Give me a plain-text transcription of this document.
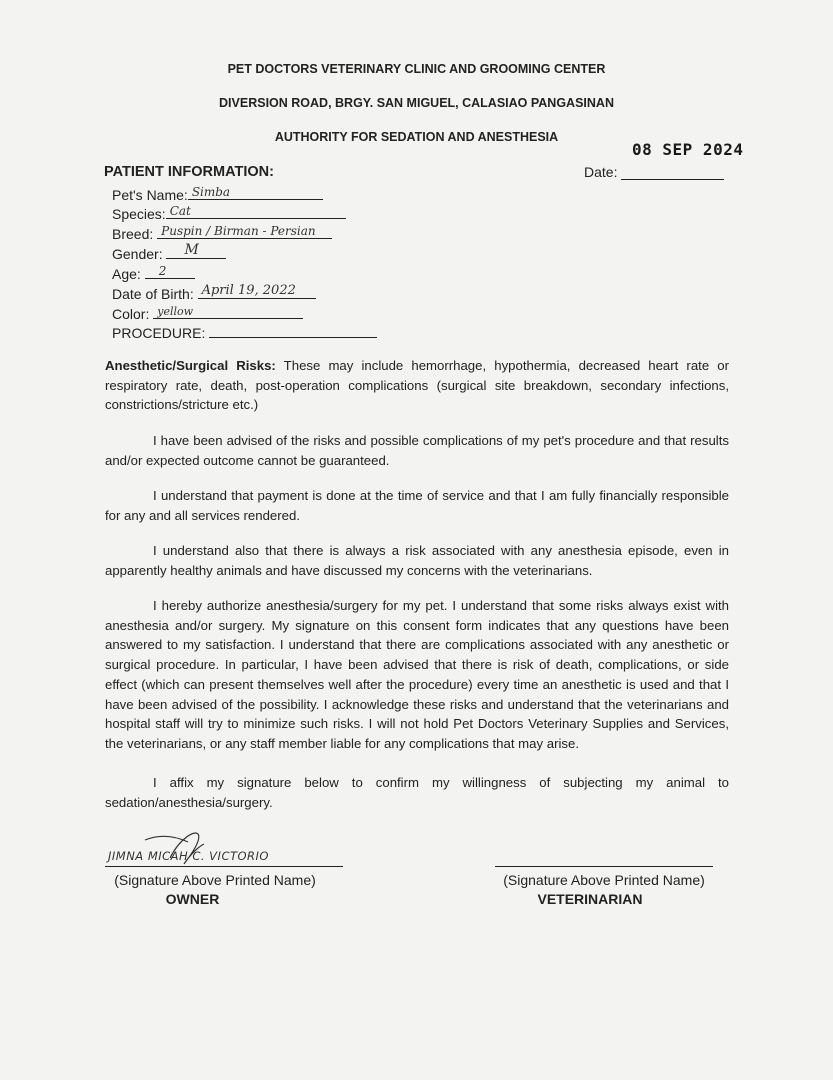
PET DOCTORS VETERINARY CLINIC AND GROOMING CENTER
DIVERSION ROAD, BRGY. SAN MIGUEL, CALASIAO PANGASINAN
AUTHORITY FOR SEDATION AND ANESTHESIA
08 SEP 2024
Date:
PATIENT INFORMATION:
Pet's Name: Simba
Species: Cat
Breed: Puspin / Birman - Persian
Gender: M
Age: 2
Date of Birth: April 19, 2022
Color: yellow
PROCEDURE:
Anesthetic/Surgical Risks: These may include hemorrhage, hypothermia, decreased heart rate or respiratory rate, death, post-operation complications (surgical site breakdown, secondary infections, constrictions/stricture etc.)
I have been advised of the risks and possible complications of my pet's procedure and that results and/or expected outcome cannot be guaranteed.
I understand that payment is done at the time of service and that I am fully financially responsible for any and all services rendered.
I understand also that there is always a risk associated with any anesthesia episode, even in apparently healthy animals and have discussed my concerns with the veterinarians.
I hereby authorize anesthesia/surgery for my pet. I understand that some risks always exist with anesthesia and/or surgery. My signature on this consent form indicates that any questions have been answered to my satisfaction. I understand that there are complications associated with any anesthetic or surgical procedure. In particular, I have been advised that there is risk of death, complications, or side effect (which can present themselves well after the procedure) every time an anesthetic is used and that I have been advised of the possibility. I acknowledge these risks and understand that the veterinarians and hospital staff will try to minimize such risks. I will not hold Pet Doctors Veterinary Supplies and Services, the veterinarians, or any staff member liable for any complications that may arise.
I affix my signature below to confirm my willingness of subjecting my animal to sedation/anesthesia/surgery.
JIMNA MICAH C. VICTORIO
(Signature Above Printed Name)
OWNER
(Signature Above Printed Name)
VETERINARIAN
